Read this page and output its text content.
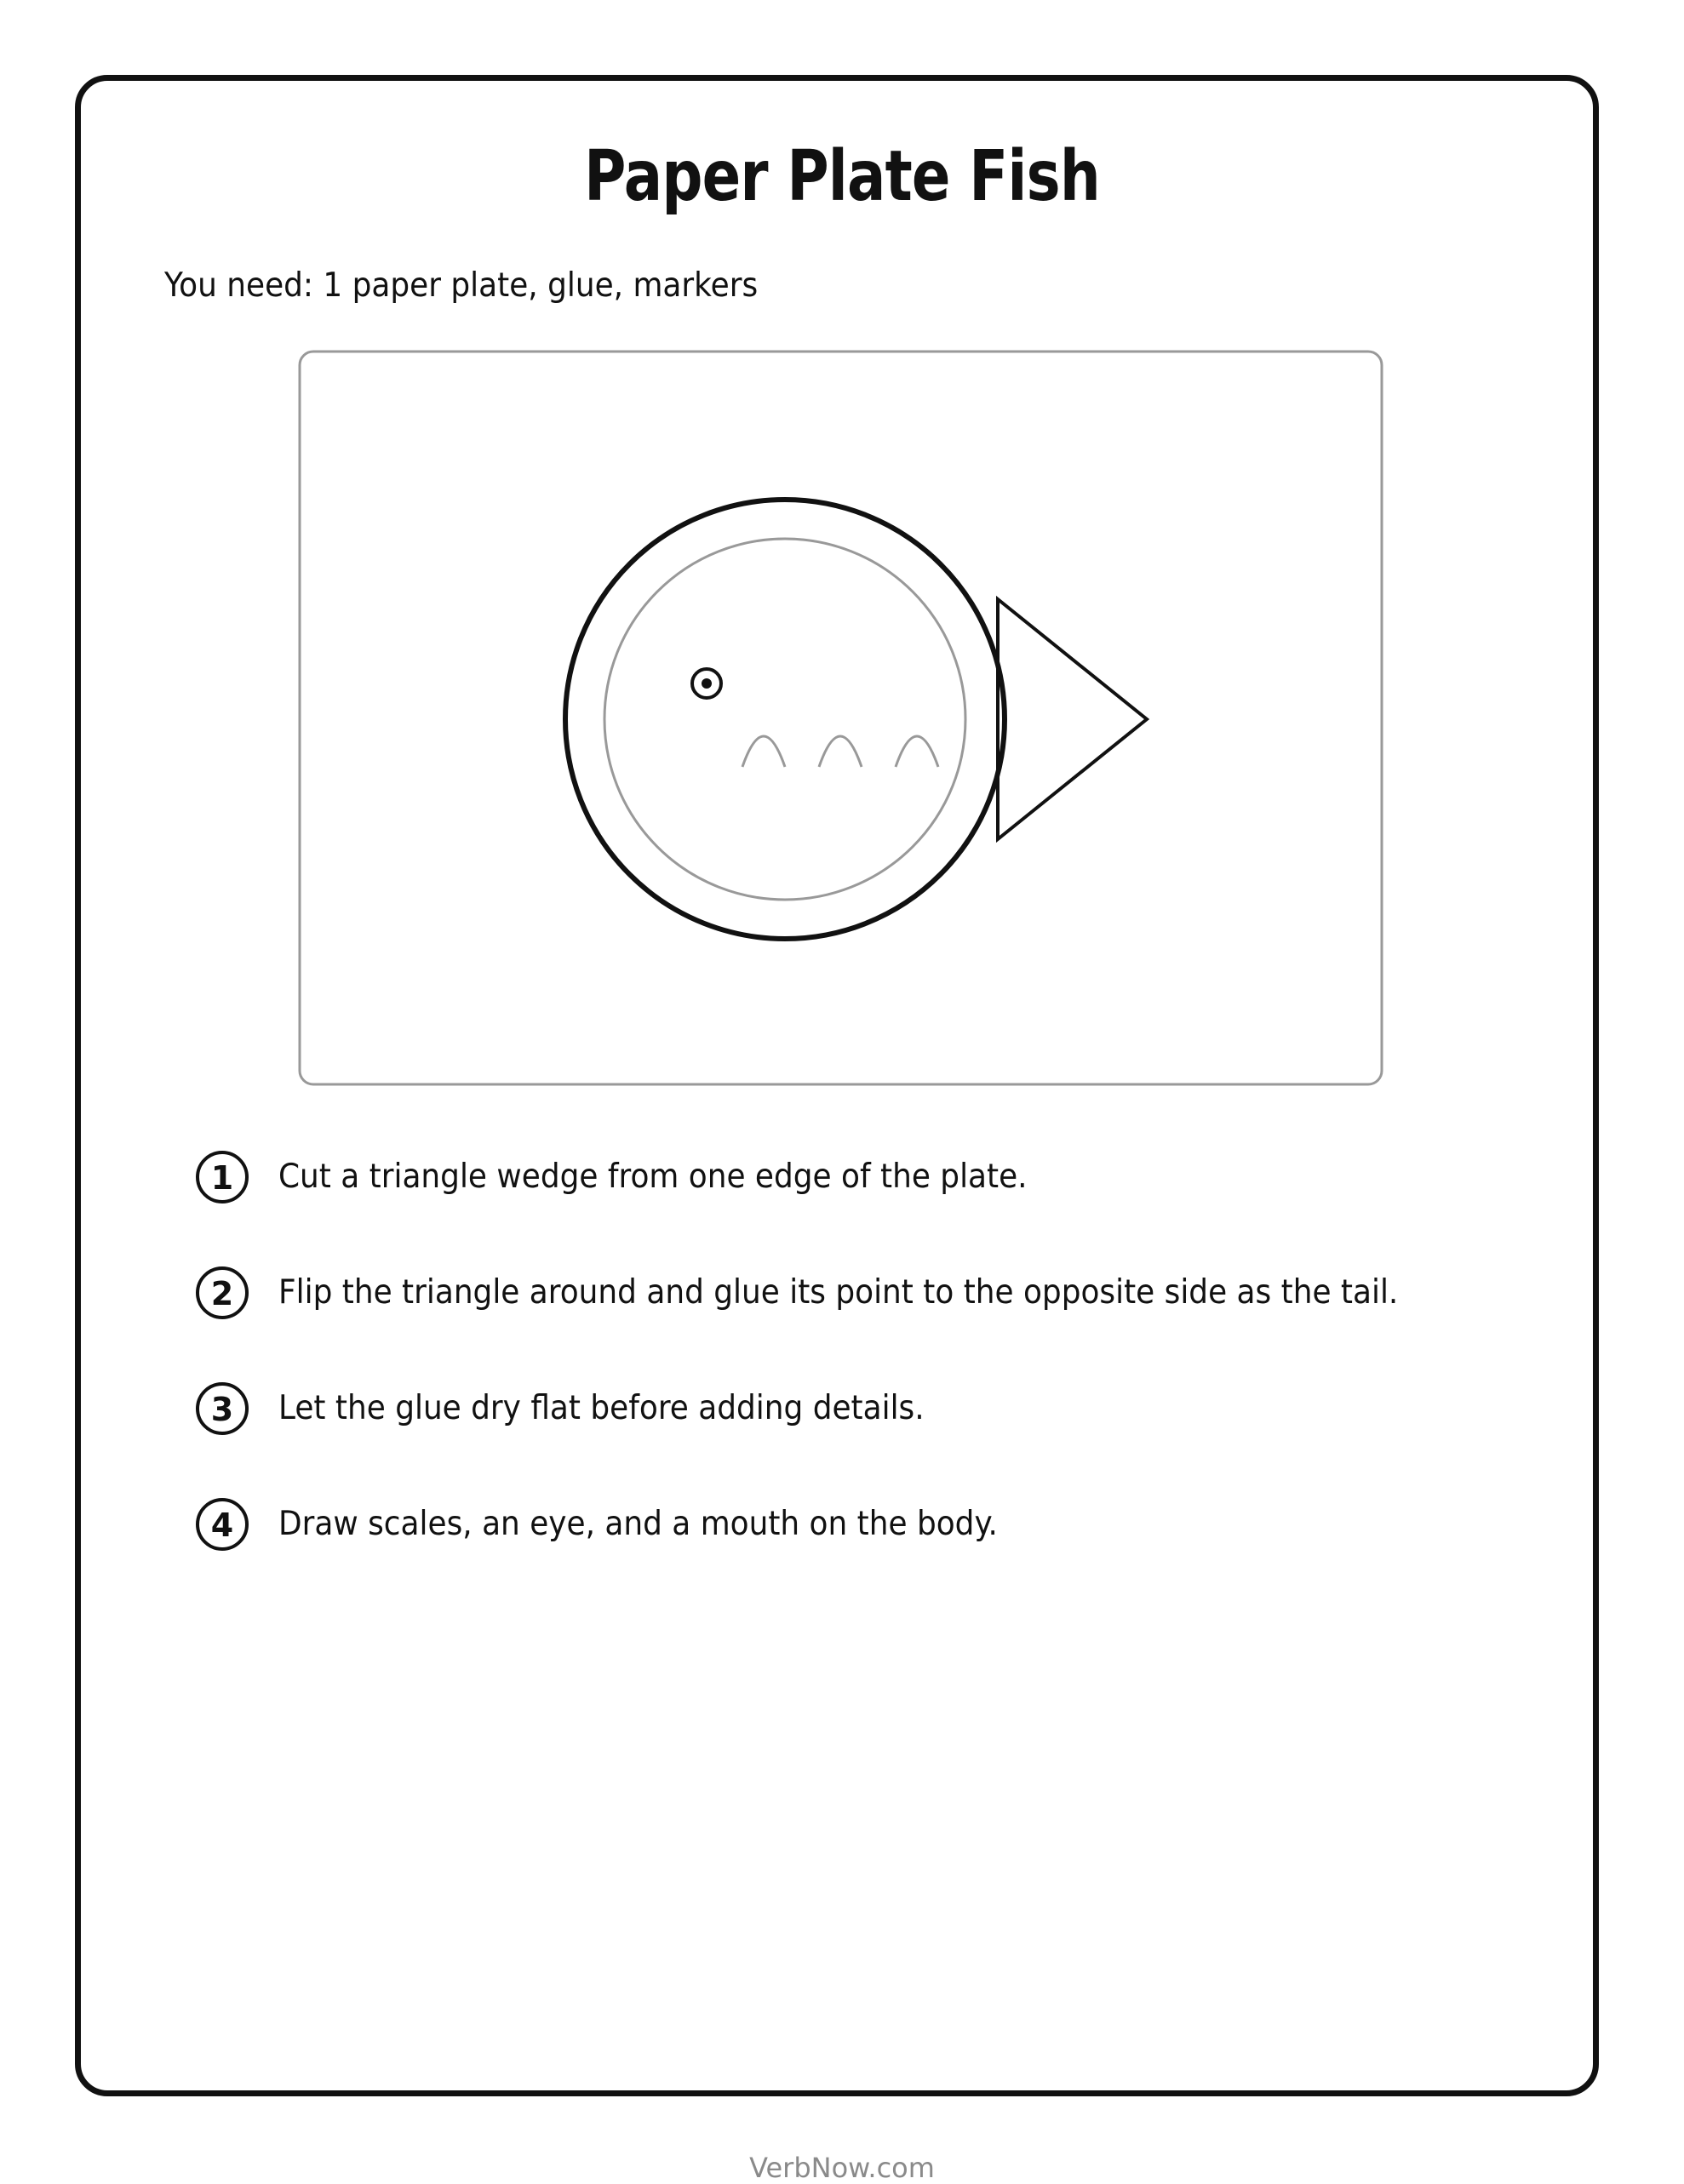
Paper Plate Fish
You need: 1 paper plate, glue, markers
1	Cut a triangle wedge from one edge of the plate.
2	Flip the triangle around and glue its point to the opposite side as the tail.
3	Let the glue dry flat before adding details.
4	Draw scales, an eye, and a mouth on the body.
VerbNow.com
